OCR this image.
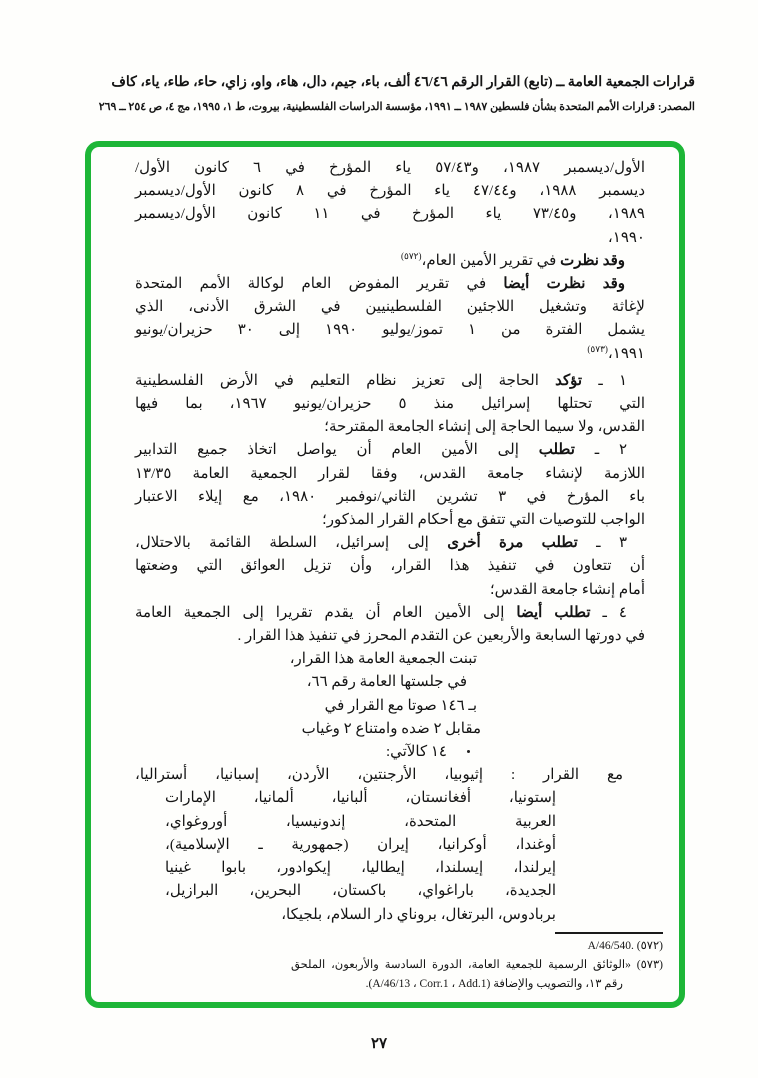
قرارات الجمعية العامة ــ (تابع) القرار الرقم ٤٦/٤٦ ألف، باء، جيم، دال، هاء، واو، زاي، حاء، طاء، ياء، كاف
المصدر: قرارات الأمم المتحدة بشأن فلسطين ١٩٨٧ ــ ١٩٩١، مؤسسة الدراسات الفلسطينية، بيروت، ط ١، ١٩٩٥، مج ٤، ص ٢٥٤ ــ ٢٦٩
الأول/ديسمبر ١٩٨٧، و٥٧/٤٣ ياء المؤرخ في ٦ كانون الأول/
ديسمبر ١٩٨٨، و٤٧/٤٤ ياء المؤرخ في ٨ كانون الأول/ديسمبر
١٩٨٩، و٧٣/٤٥ ياء المؤرخ في ١١ كانون الأول/ديسمبر
١٩٩٠،
وقد نظرت في تقرير الأمين العام،$^{(٥٧٢)}$
وقد نظرت أيضا في تقرير المفوض العام لوكالة الأمم المتحدة
لإغاثة وتشغيل اللاجئين الفلسطينيين في الشرق الأدنى، الذي
يشمل الفترة من ١ تموز/يوليو ١٩٩٠ إلى ٣٠ حزيران/يونيو
١٩٩١،$^{(٥٧٣)}$
١ ـ تؤكد الحاجة إلى تعزيز نظام التعليم في الأرض الفلسطينية
التي تحتلها إسرائيل منذ ٥ حزيران/يونيو ١٩٦٧، بما فيها
القدس، ولا سيما الحاجة إلى إنشاء الجامعة المقترحة؛
٢ ـ تطلب إلى الأمين العام أن يواصل اتخاذ جميع التدابير
اللازمة لإنشاء جامعة القدس، وفقا لقرار الجمعية العامة ١٣/٣٥
باء المؤرخ في ٣ تشرين الثاني/نوفمبر ١٩٨٠، مع إيلاء الاعتبار
الواجب للتوصيات التي تتفق مع أحكام القرار المذكور؛
٣ ـ تطلب مرة أخرى إلى إسرائيل، السلطة القائمة بالاحتلال،
أن تتعاون في تنفيذ هذا القرار، وأن تزيل العوائق التي وضعتها
أمام إنشاء جامعة القدس؛
٤ ـ تطلب أيضا إلى الأمين العام أن يقدم تقريرا إلى الجمعية العامة
في دورتها السابعة والأربعين عن التقدم المحرز في تنفيذ هذا القرار .
تبنت الجمعية العامة هذا القرار،
في جلستها العامة رقم ٦٦،
بـ ١٤٦ صوتا مع القرار في
مقابل ٢ ضده وامتناع ٢ وغياب
١٤ كالآتي:
مع القرار : إثيوبيا، الأرجنتين، الأردن، إسبانيا، أستراليا،
إستونيا، أفغانستان، ألبانيا، ألمانيا، الإمارات
العربية المتحدة، إندونيسيا، أوروغواي،
أوغندا، أوكرانيا، إيران (جمهورية ـ الإسلامية)،
إيرلندا، إيسلندا، إيطاليا، إيكوادور، بابوا غينيا
الجديدة، باراغواي، باكستان، البحرين، البرازيل،
بربادوس، البرتغال، بروناي دار السلام، بلجيكا،
(٥٧٢) A/46/540.
(٥٧٣) «الوثائق الرسمية للجمعية العامة، الدورة السادسة والأربعون، الملحق
رقم ١٣، والتصويب والإضافة (A/46/13 ، Corr.1 ، Add.1).
٢٧
